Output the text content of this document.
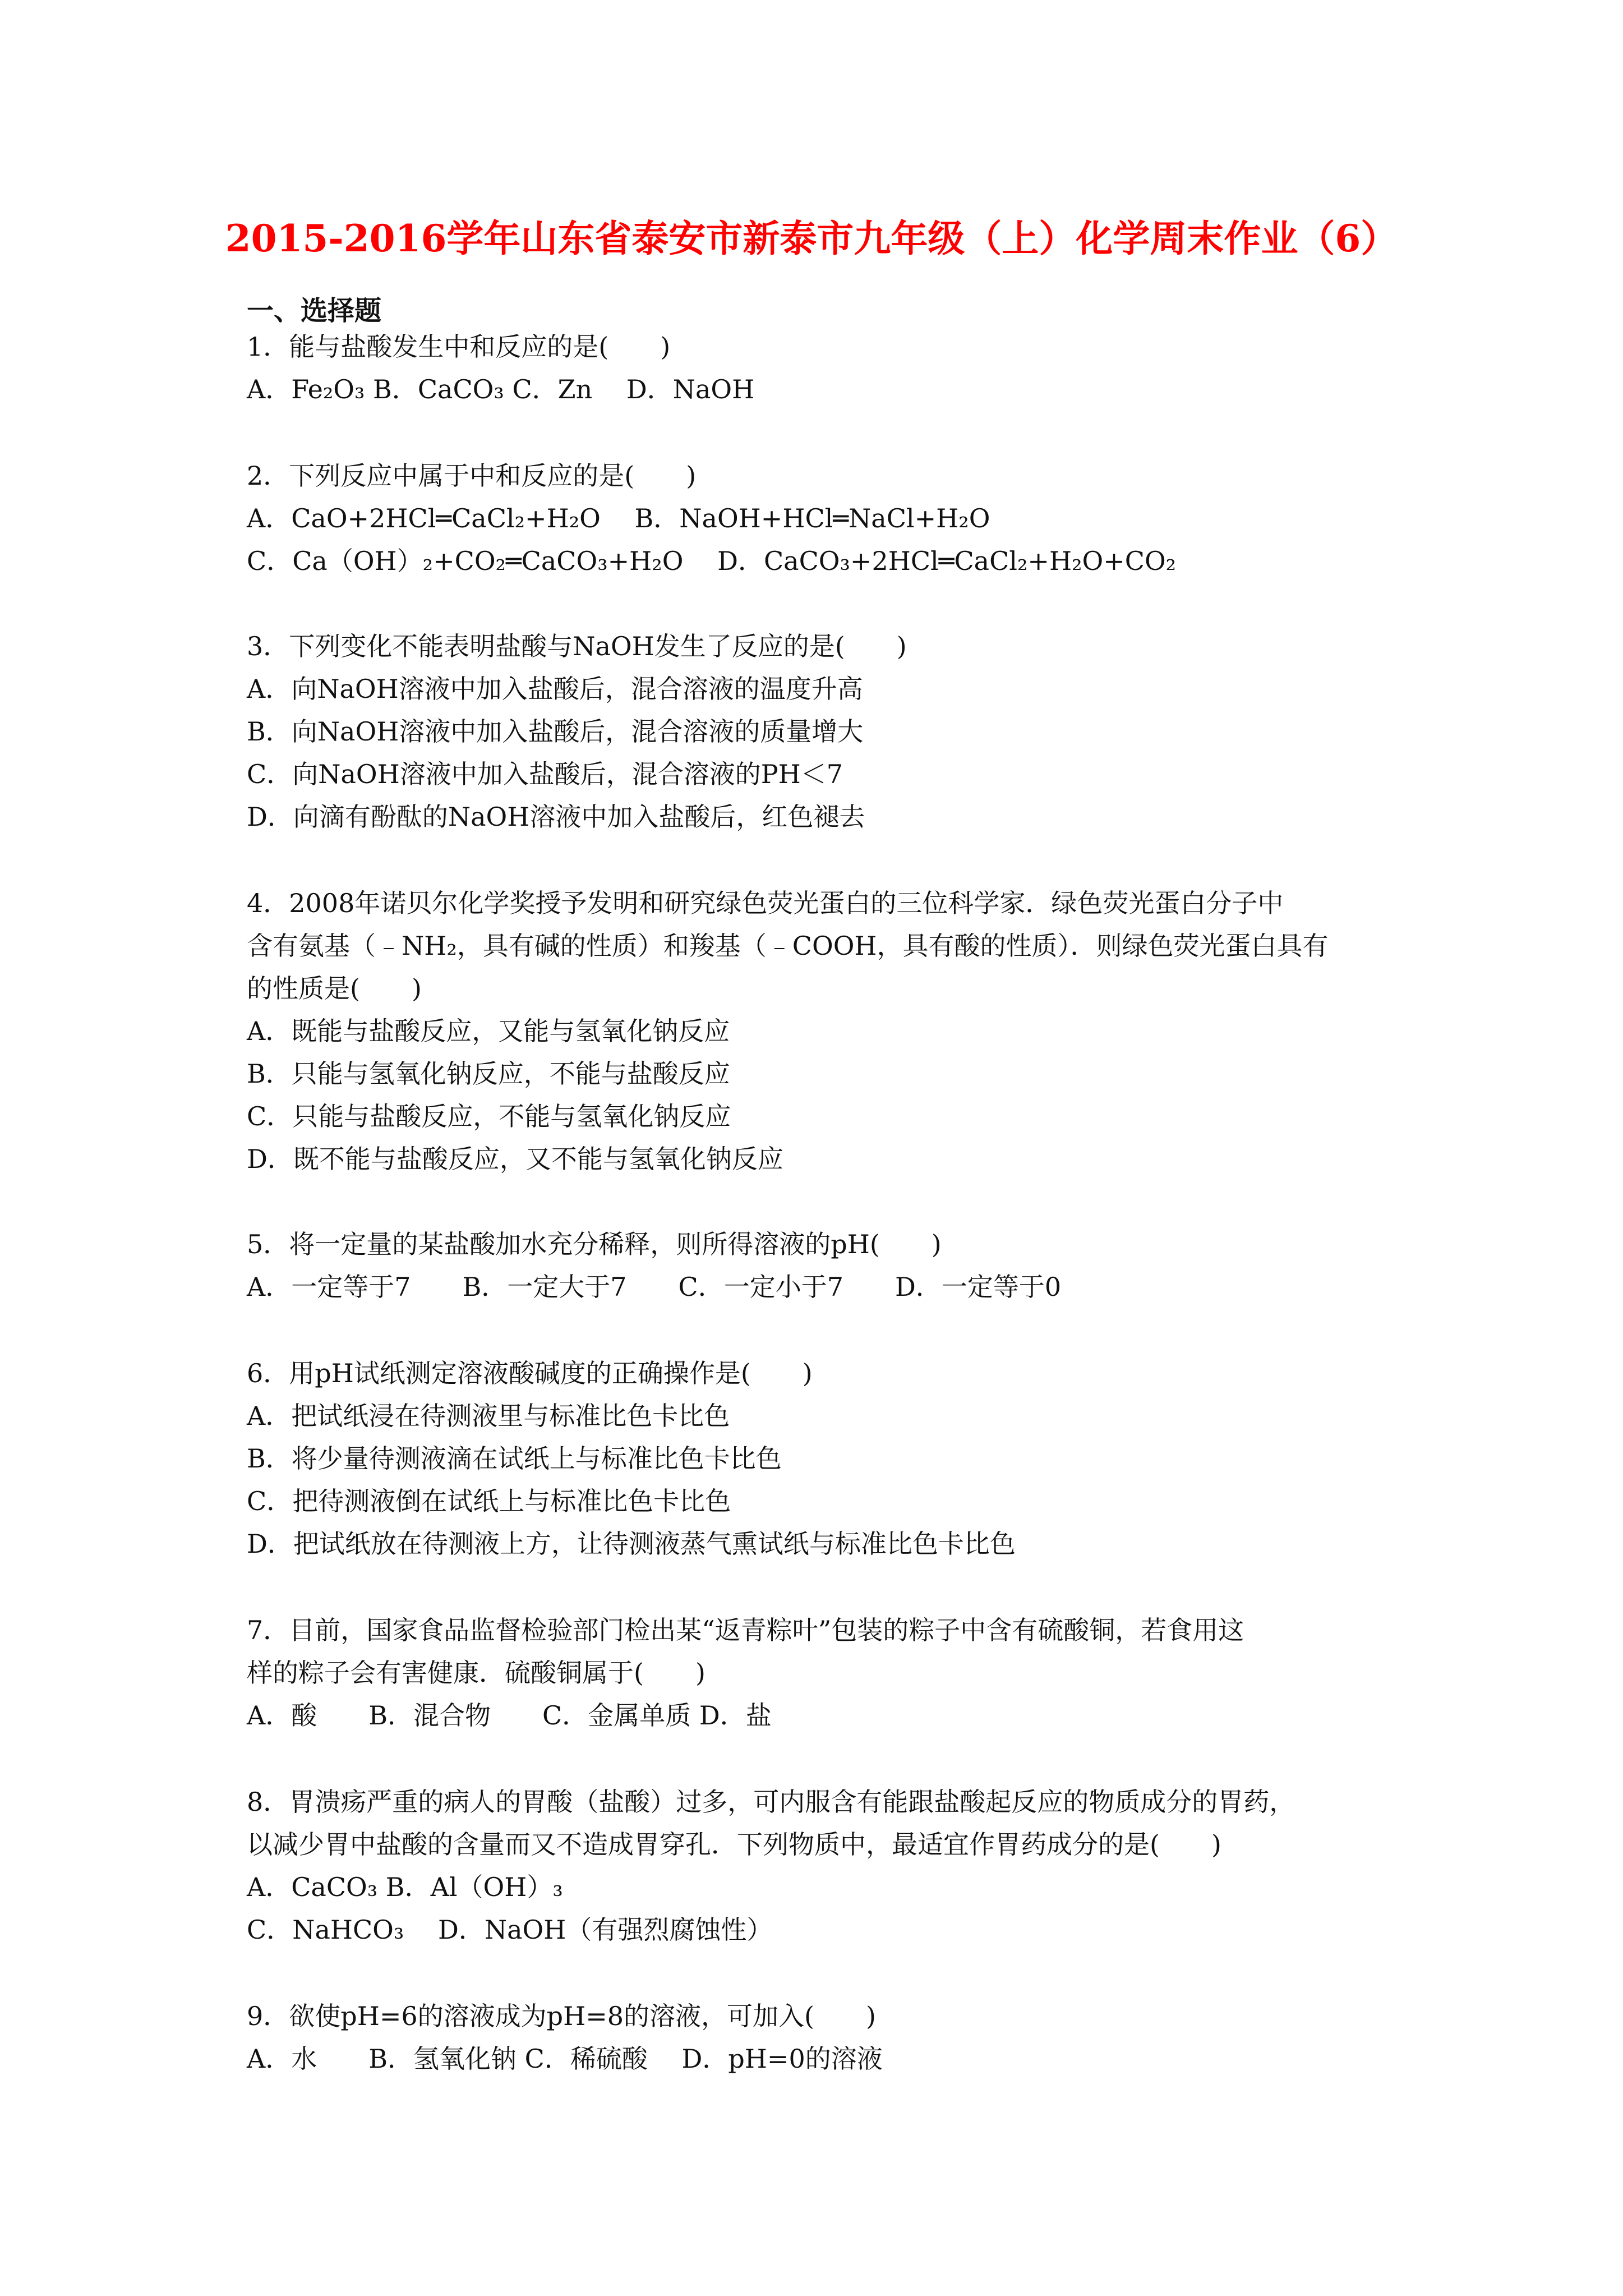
2015-2016学年山东省泰安市新泰市九年级（上）化学周末作业（6）
一、选择题
1．能与盐酸发生中和反应的是(　　)
A．Fe₂O₃ B．CaCO₃ C．Zn　 D．NaOH
2．下列反应中属于中和反应的是(　　)
A．CaO+2HCl═CaCl₂+H₂O　 B．NaOH+HCl═NaCl+H₂O
C．Ca（OH）₂+CO₂═CaCO₃+H₂O　 D．CaCO₃+2HCl═CaCl₂+H₂O+CO₂
3．下列变化不能表明盐酸与NaOH发生了反应的是(　　)
A．向NaOH溶液中加入盐酸后，混合溶液的温度升高
B．向NaOH溶液中加入盐酸后，混合溶液的质量增大
C．向NaOH溶液中加入盐酸后，混合溶液的PH＜7
D．向滴有酚酞的NaOH溶液中加入盐酸后，红色褪去
4．2008年诺贝尔化学奖授予发明和研究绿色荧光蛋白的三位科学家．绿色荧光蛋白分子中
含有氨基（﹣NH₂，具有碱的性质）和羧基（﹣COOH，具有酸的性质）．则绿色荧光蛋白具有
的性质是(　　)
A．既能与盐酸反应，又能与氢氧化钠反应
B．只能与氢氧化钠反应，不能与盐酸反应
C．只能与盐酸反应，不能与氢氧化钠反应
D．既不能与盐酸反应，又不能与氢氧化钠反应
5．将一定量的某盐酸加水充分稀释，则所得溶液的pH(　　)
A．一定等于7　　B．一定大于7　　C．一定小于7　　D．一定等于0
6．用pH试纸测定溶液酸碱度的正确操作是(　　)
A．把试纸浸在待测液里与标准比色卡比色
B．将少量待测液滴在试纸上与标准比色卡比色
C．把待测液倒在试纸上与标准比色卡比色
D．把试纸放在待测液上方，让待测液蒸气熏试纸与标准比色卡比色
7．目前，国家食品监督检验部门检出某“返青粽叶”包装的粽子中含有硫酸铜，若食用这
样的粽子会有害健康．硫酸铜属于(　　)
A．酸　　B．混合物　　C．金属单质 D．盐
8．胃溃疡严重的病人的胃酸（盐酸）过多，可内服含有能跟盐酸起反应的物质成分的胃药，
以减少胃中盐酸的含量而又不造成胃穿孔．下列物质中，最适宜作胃药成分的是(　　)
A．CaCO₃ B．Al（OH）₃
C．NaHCO₃　 D．NaOH（有强烈腐蚀性）
9．欲使pH=6的溶液成为pH=8的溶液，可加入(　　)
A．水　　B．氢氧化钠 C．稀硫酸　 D．pH=0的溶液
